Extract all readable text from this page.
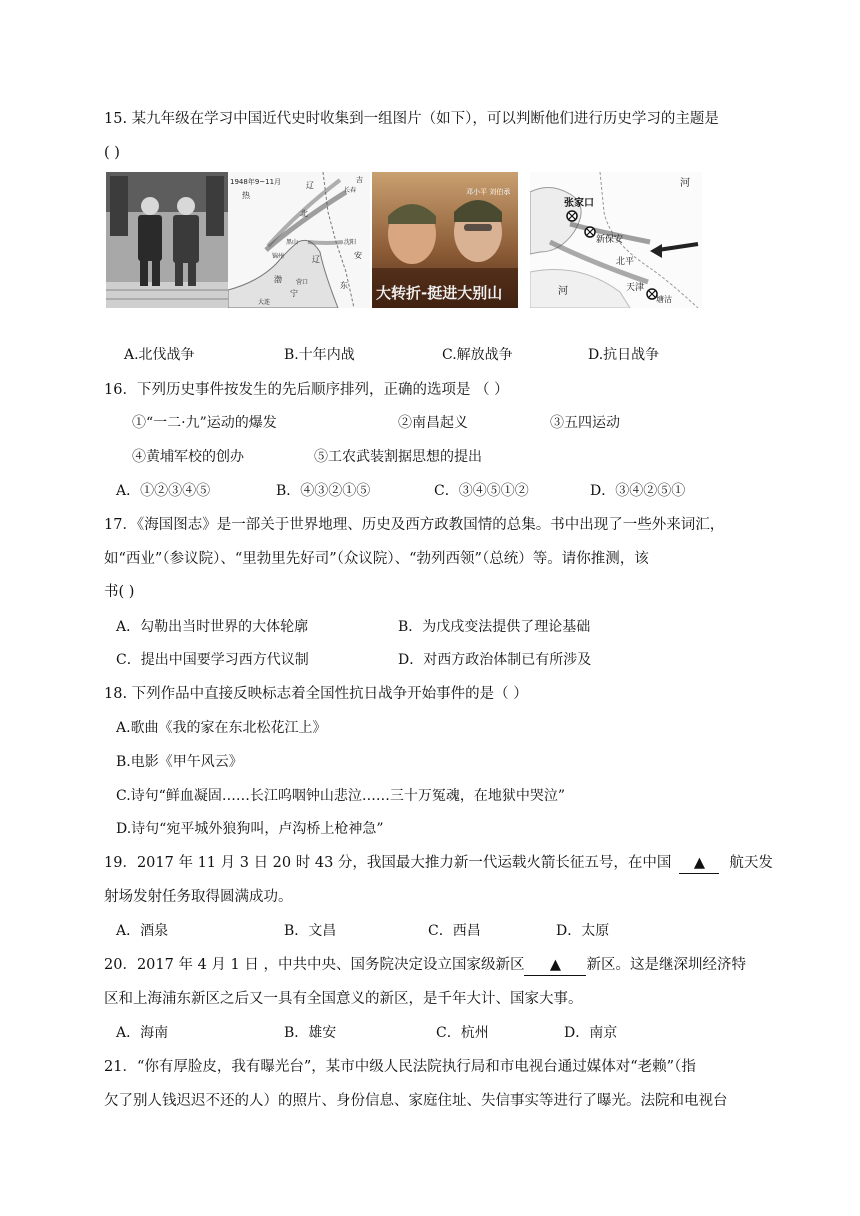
15. 某九年级在学习中国近代史时收集到一组图片（如下），可以判断他们进行历史学习的主题是
( )
1948年9~11月
热
辽
北
吉
长春
沈阳
锦州
黑山
辽	安
东
渤
宁
营口
大连
邓小平 刘伯承
大转折-挺进大别山
张家口
新保安
北平
天津
塘沽
河
河
A.北伐战争	B.十年内战	C.解放战争	D.抗日战争
16．下列历史事件按发生的先后顺序排列，正确的选项是 （ ）
①“一二·九”运动的爆发	②南昌起义	③五四运动
④黄埔军校的创办	⑤工农武装割据思想的提出
A．①②③④⑤	B．④③②①⑤	C．③④⑤①②	D．③④②⑤①
17．《海国图志》是一部关于世界地理、历史及西方政教国情的总集。书中出现了一些外来词汇，
如“西业”（参议院）、“里勃里先好司”（众议院）、“勃列西领”（总统）等。请你推测，该
书( )
A．勾勒出当时世界的大体轮廓	B．为戊戌变法提供了理论基础
C．提出中国要学习西方代议制	D．对西方政治体制已有所涉及
18. 下列作品中直接反映标志着全国性抗日战争开始事件的是（ ）
A.歌曲《我的家在东北松花江上》
B.电影《甲午风云》
C.诗句“鲜血凝固……长江呜咽钟山悲泣……三十万冤魂，在地狱中哭泣”
D.诗句“宛平城外狼狗叫，卢沟桥上枪神急”
19．2017 年 11 月 3 日 20 时 43 分，我国最大推力新一代运载火箭长征五号，在中国 ▲ 航天发
射场发射任务取得圆满成功。
A．酒泉	B．文昌	C．西昌	D．太原
20．2017 年 4 月 1 日 ，中共中央、国务院决定设立国家级新区 ▲ 新区。这是继深圳经济特
区和上海浦东新区之后又一具有全国意义的新区，是千年大计、国家大事。
A．海南	B．雄安	C．杭州	D．南京
21．“你有厚脸皮，我有曝光台”，某市中级人民法院执行局和市电视台通过媒体对“老赖”（指
欠了别人钱迟迟不还的人）的照片、身份信息、家庭住址、失信事实等进行了曝光。法院和电视台
